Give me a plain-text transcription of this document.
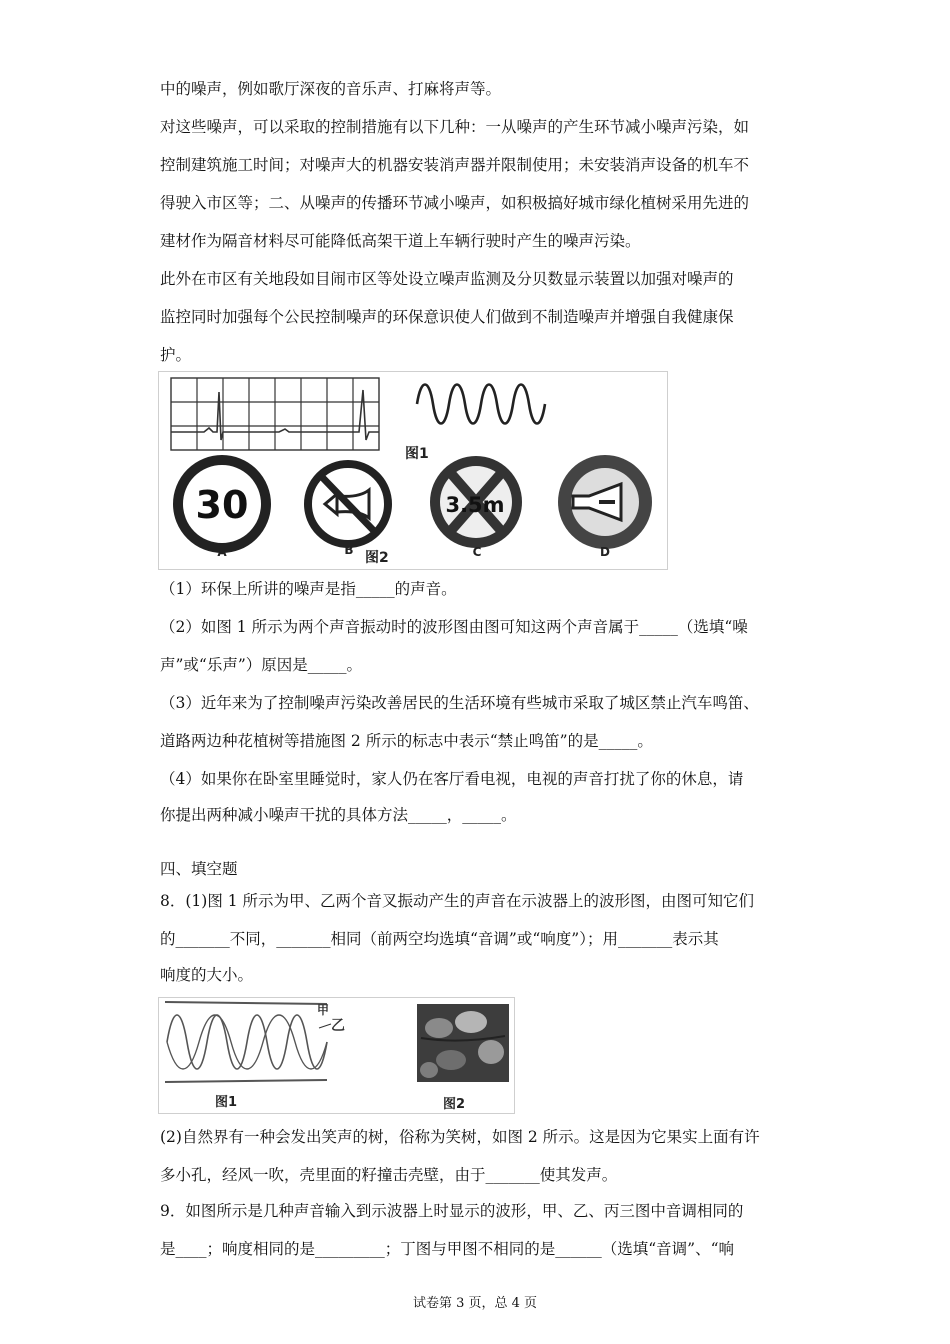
中的噪声，例如歌厅深夜的音乐声、打麻将声等。
对这些噪声，可以采取的控制措施有以下几种：一从噪声的产生环节减小噪声污染，如
控制建筑施工时间；对噪声大的机器安装消声器并限制使用；未安装消声设备的机车不
得驶入市区等；二、从噪声的传播环节减小噪声，如积极搞好城市绿化植树采用先进的
建材作为隔音材料尽可能降低高架干道上车辆行驶时产生的噪声污染。
此外在市区有关地段如目闹市区等处设立噪声监测及分贝数显示装置以加强对噪声的
监控同时加强每个公民控制噪声的环保意识使人们做到不制造噪声并增强自我健康保
护。
图1
30	3.5m
A	B 图2	C	D
（1）环保上所讲的噪声是指_____的声音。
（2）如图 1 所示为两个声音振动时的波形图由图可知这两个声音属于_____（选填“噪
声”或“乐声”）原因是_____。
（3）近年来为了控制噪声污染改善居民的生活环境有些城市采取了城区禁止汽车鸣笛、
道路两边种花植树等措施图 2 所示的标志中表示“禁止鸣笛”的是_____。
（4）如果你在卧室里睡觉时，家人仍在客厅看电视，电视的声音打扰了你的休息，请
你提出两种减小噪声干扰的具体方法_____，_____。
四、填空题
8．(1)图 1 所示为甲、乙两个音叉振动产生的声音在示波器上的波形图，由图可知它们
的_______不同，_______相同（前两空均选填“音调”或“响度”）；用_______表示其
响度的大小。
甲
乙
图1	图2
(2)自然界有一种会发出笑声的树，俗称为笑树，如图 2 所示。这是因为它果实上面有许
多小孔，经风一吹，壳里面的籽撞击壳壁，由于_______使其发声。
9．如图所示是几种声音输入到示波器上时显示的波形，甲、乙、丙三图中音调相同的
是____；响度相同的是_________；丁图与甲图不相同的是______（选填“音调”、“响
试卷第 3 页，总 4 页
